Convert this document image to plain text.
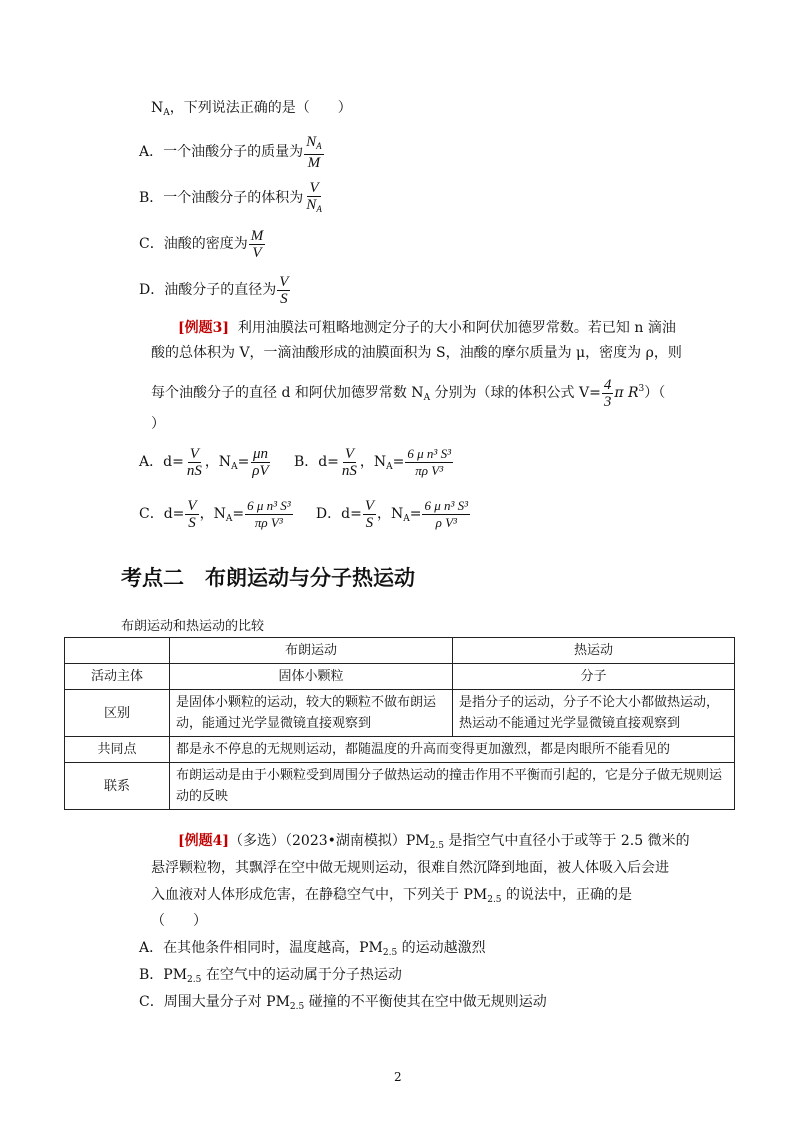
$N_A$，下列说法正确的是（　　）
A．一个油酸分子的质量为 $\frac{N_A}{M}$
B．一个油酸分子的体积为 $\frac{V}{N_A}$
C．油酸的密度为 $\frac{M}{V}$
D．油酸分子的直径为 $\frac{V}{S}$
[例题3] 利用油膜法可粗略地测定分子的大小和阿伏加德罗常数。若已知 n 滴油
酸的总体积为 V，一滴油酸形成的油膜面积为 S，油酸的摩尔质量为 μ，密度为 ρ，则
每个油酸分子的直径 d 和阿伏加德罗常数 $N_A$ 分别为（球的体积公式 $V= \frac{4}{3}$ π $R^3$）（
）
A．$d= \frac{V}{nS}$ ，$N_A= \frac{\mu n}{\rho V}$ B．$d= \frac{V}{nS}$ ，$N_A= \frac{\text{6 μ n³ S³}}{\text{πρ V³}}$
C．$d= \frac{V}{S}$ ，$N_A= \frac{\text{6 μ n³ S³}}{\text{πρ V³}}$ D．$d= \frac{V}{S}$ ，$N_A= \frac{\text{6 μ n³ S³}}{\text{ρ V³}}$
考点二　布朗运动与分子热运动
布朗运动和热运动的比较
	布朗运动	热运动
活动主体	固体小颗粒	分子
区别	是固体小颗粒的运动，较大的颗粒不做布朗运动，能通过光学显微镜直接观察到	是指分子的运动，分子不论大小都做热运动，热运动不能通过光学显微镜直接观察到
共同点	都是永不停息的无规则运动，都随温度的升高而变得更加激烈，都是肉眼所不能看见的	
联系	布朗运动是由于小颗粒受到周围分子做热运动的撞击作用不平衡而引起的，它是分子做无规则运动的反映	
[例题4]（多选）（2023•湖南模拟）$PM_{2.5}$ 是指空气中直径小于或等于 2.5 微米的
悬浮颗粒物，其飘浮在空中做无规则运动，很难自然沉降到地面，被人体吸入后会进
入血液对人体形成危害，在静稳空气中，下列关于 $PM_{2.5}$ 的说法中，正确的是
（　　）
A．在其他条件相同时，温度越高，$PM_{2.5}$ 的运动越激烈
B．$PM_{2.5}$ 在空气中的运动属于分子热运动
C．周围大量分子对 $PM_{2.5}$ 碰撞的不平衡使其在空中做无规则运动
2
